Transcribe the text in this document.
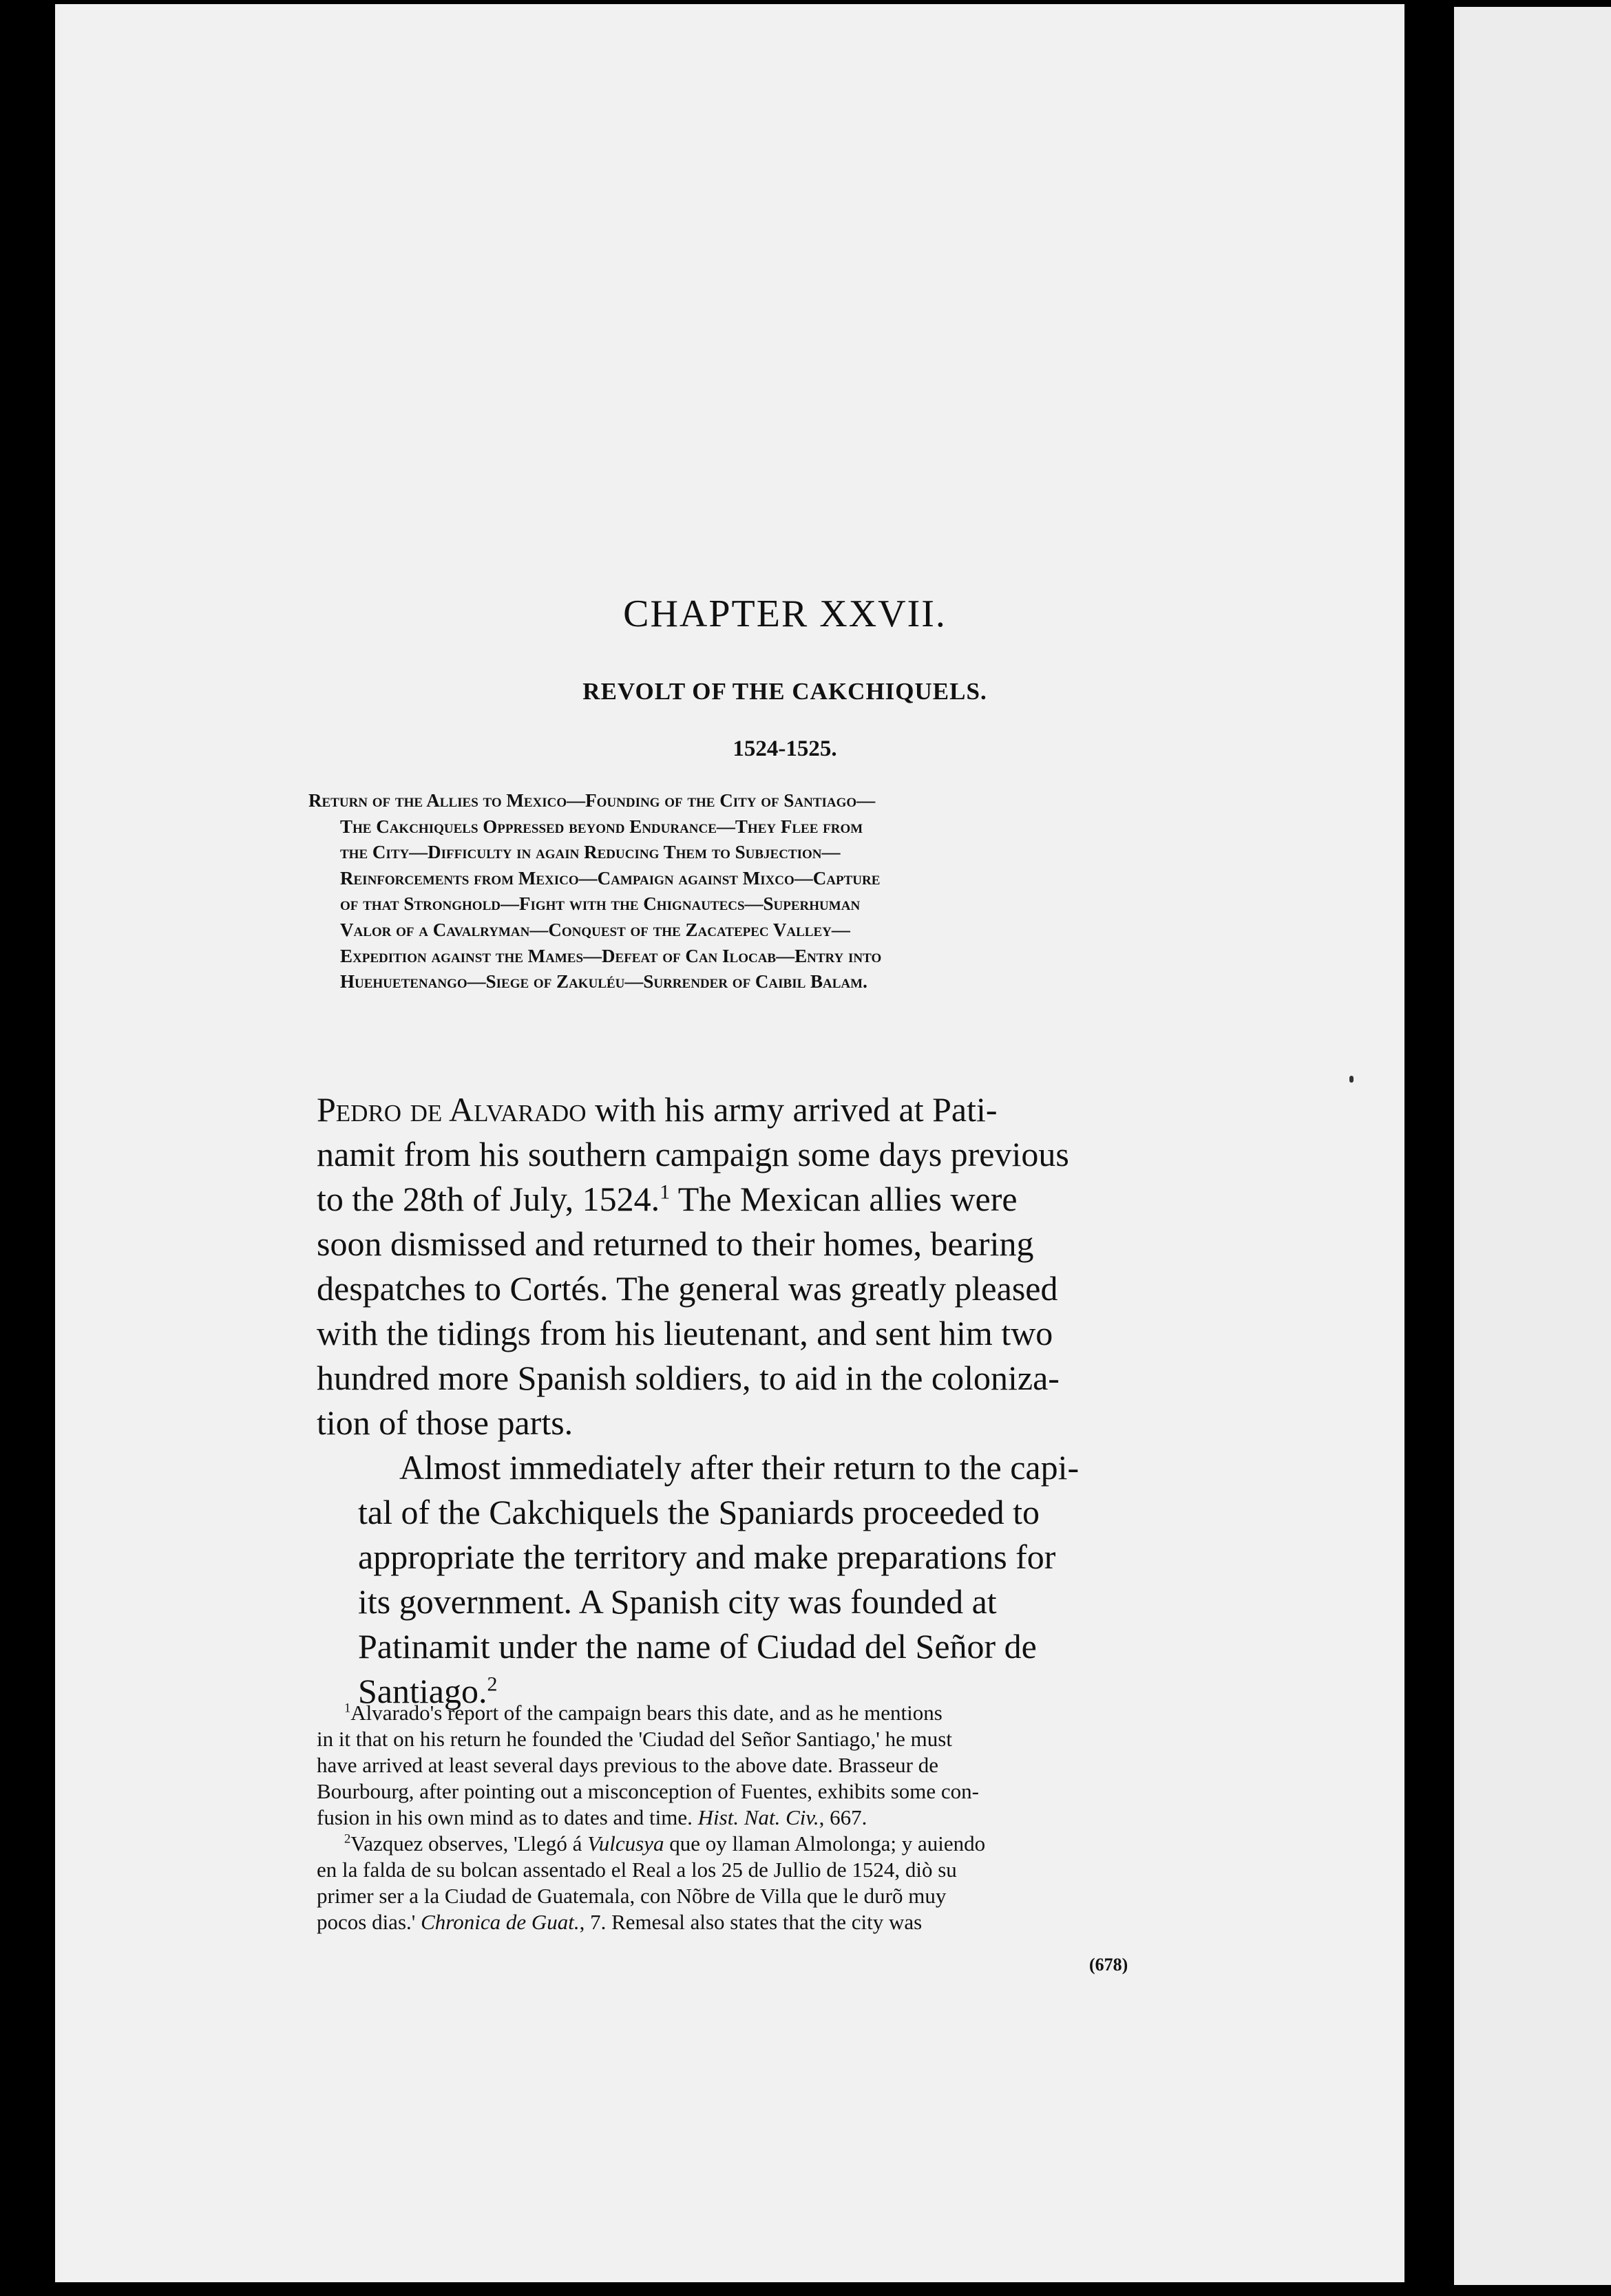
CHAPTER XXVII.
REVOLT OF THE CAKCHIQUELS.
1524-1525.
Return of the Allies to Mexico—Founding of the City of Santiago—
The Cakchiquels Oppressed beyond Endurance—They Flee from
the City—Difficulty in again Reducing Them to Subjection—
Reinforcements from Mexico—Campaign against Mixco—Capture
of that Stronghold—Fight with the Chignautecs—Superhuman
Valor of a Cavalryman—Conquest of the Zacatepec Valley—
Expedition against the Mames—Defeat of Can Ilocab—Entry into
Huehuetenango—Siege of Zakuléu—Surrender of Caibil Balam.

Pedro de Alvarado with his army arrived at Pati-
namit from his southern campaign some days previous
to the 28th of July, 1524.$^1$ The Mexican allies were
soon dismissed and returned to their homes, bearing
despatches to Cortés. The general was greatly pleased
with the tidings from his lieutenant, and sent him two
hundred more Spanish soldiers, to aid in the coloniza-
tion of those parts.

Almost immediately after their return to the capi-
tal of the Cakchiquels the Spaniards proceeded to
appropriate the territory and make preparations for
its government. A Spanish city was founded at
Patinamit under the name of Ciudad del Señor de
Santiago.$^2$

$^1$Alvarado's report of the campaign bears this date, and as he mentions
in it that on his return he founded the 'Ciudad del Señor Santiago,' he must
have arrived at least several days previous to the above date. Brasseur de
Bourbourg, after pointing out a misconception of Fuentes, exhibits some con-
fusion in his own mind as to dates and time. Hist. Nat. Civ., 667.
$^2$Vazquez observes, 'Llegó á Vulcusya que oy llaman Almolonga; y auiendo
en la falda de su bolcan assentado el Real a los 25 de Jullio de 1524, diò su
primer ser a la Ciudad de Guatemala, con Nõbre de Villa que le durõ muy
pocos dias.' Chronica de Guat., 7. Remesal also states that the city was
(678)
